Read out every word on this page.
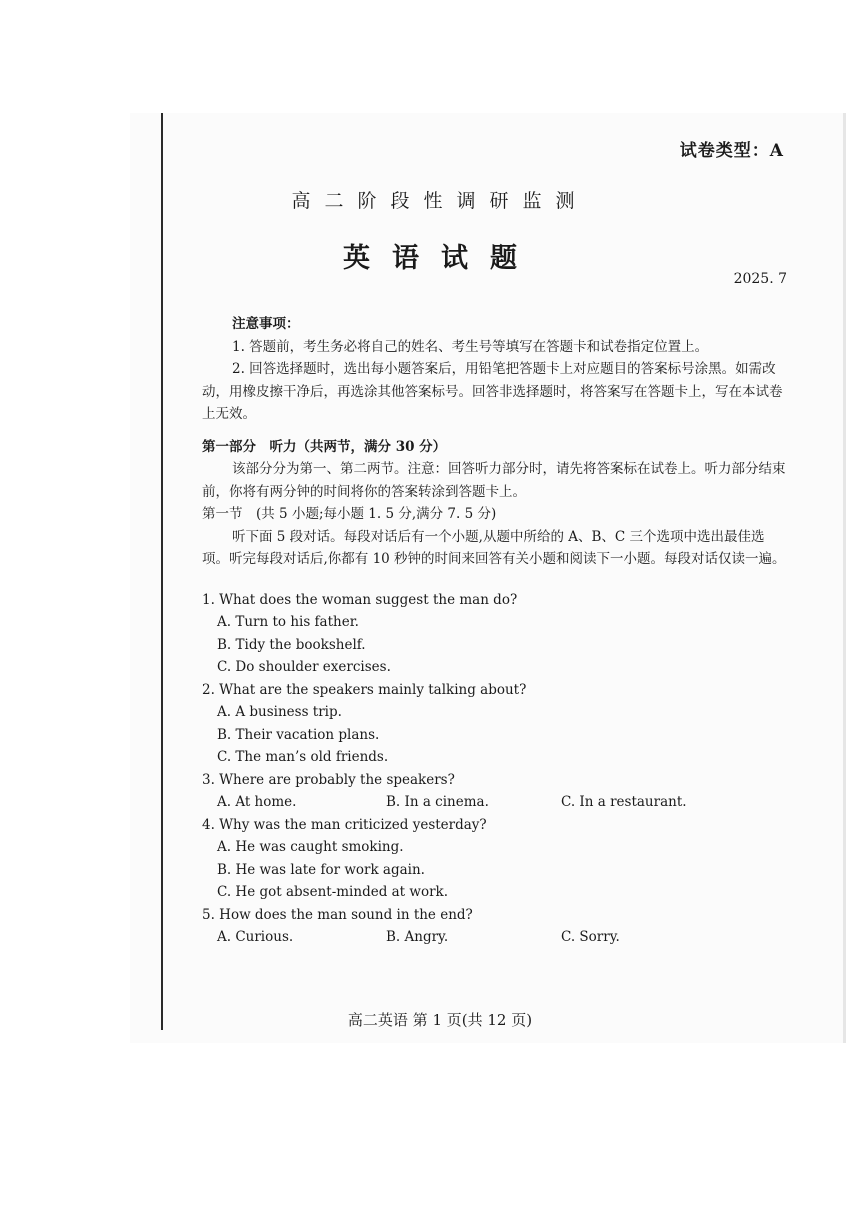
试卷类型：A
高二阶段性调研监测
英语试题
2025. 7

注意事项：

1. 答题前，考生务必将自己的姓名、考生号等填写在答题卡和试卷指定位置上。

2. 回答选择题时，选出每小题答案后，用铅笔把答题卡上对应题目的答案标号涂黑。如需改动，用橡皮擦干净后，再选涂其他答案标号。回答非选择题时，将答案写在答题卡上，写在本试卷上无效。

第一部分　听力（共两节，满分 30 分）

该部分分为第一、第二两节。注意：回答听力部分时，请先将答案标在试卷上。听力部分结束前，你将有两分钟的时间将你的答案转涂到答题卡上。

第一节　(共 5 小题;每小题 1. 5 分,满分 7. 5 分)

听下面 5 段对话。每段对话后有一个小题,从题中所给的 A、B、C 三个选项中选出最佳选项。听完每段对话后,你都有 10 秒钟的时间来回答有关小题和阅读下一小题。每段对话仅读一遍。

1. What does the woman suggest the man do?

A. Turn to his father.

B. Tidy the bookshelf.

C. Do shoulder exercises.

2. What are the speakers mainly talking about?

A. A business trip.

B. Their vacation plans.

C. The man’s old friends.

3. Where are probably the speakers?

A. At home.	B. In a cinema.	C. In a restaurant.

4. Why was the man criticized yesterday?

A. He was caught smoking.

B. He was late for work again.

C. He got absent-minded at work.

5. How does the man sound in the end?

A. Curious.	B. Angry.	C. Sorry.
高二英语 第 1 页(共 12 页)
